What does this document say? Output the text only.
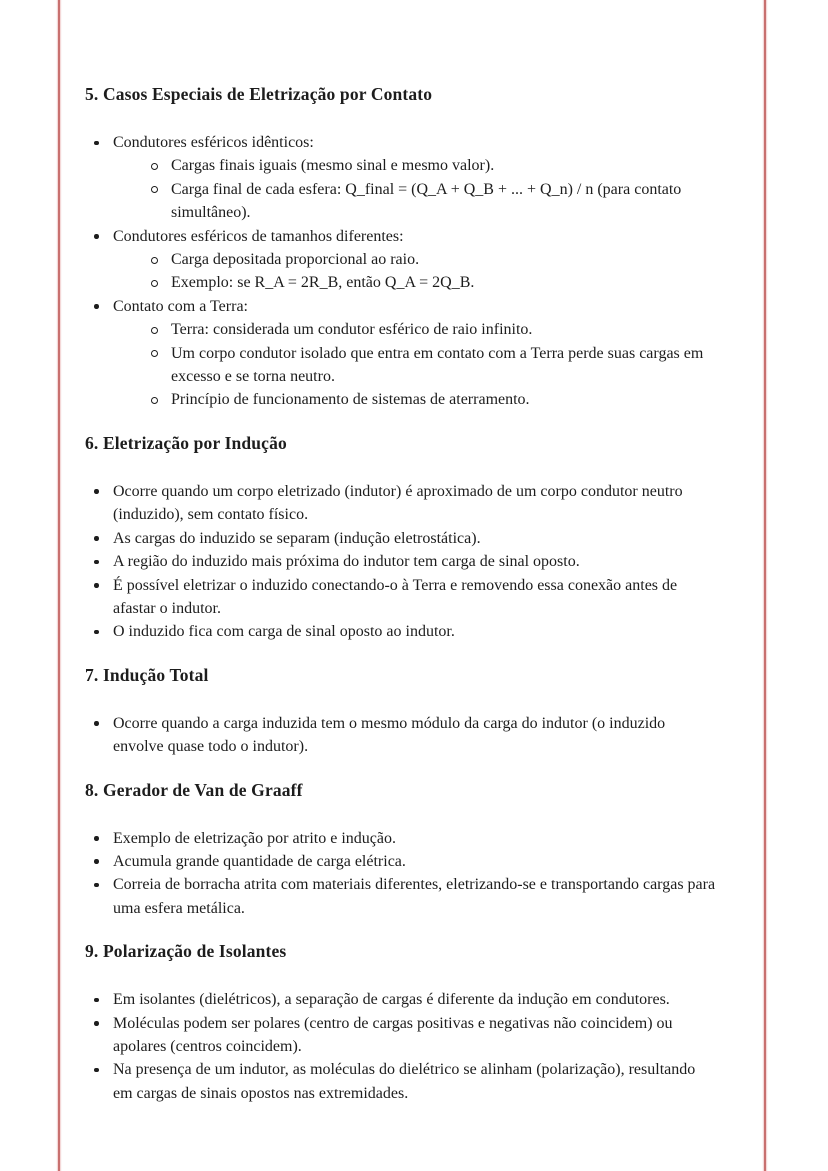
5. Casos Especiais de Eletrização por Contato
Condutores esféricos idênticos:
Cargas finais iguais (mesmo sinal e mesmo valor).
Carga final de cada esfera: Q_final = (Q_A + Q_B + ... + Q_n) / n (para contato simultâneo).
Condutores esféricos de tamanhos diferentes:
Carga depositada proporcional ao raio.
Exemplo: se R_A = 2R_B, então Q_A = 2Q_B.
Contato com a Terra:
Terra: considerada um condutor esférico de raio infinito.
Um corpo condutor isolado que entra em contato com a Terra perde suas cargas em excesso e se torna neutro.
Princípio de funcionamento de sistemas de aterramento.
6. Eletrização por Indução
Ocorre quando um corpo eletrizado (indutor) é aproximado de um corpo condutor neutro (induzido), sem contato físico.
As cargas do induzido se separam (indução eletrostática).
A região do induzido mais próxima do indutor tem carga de sinal oposto.
É possível eletrizar o induzido conectando-o à Terra e removendo essa conexão antes de afastar o indutor.
O induzido fica com carga de sinal oposto ao indutor.
7. Indução Total
Ocorre quando a carga induzida tem o mesmo módulo da carga do indutor (o induzido envolve quase todo o indutor).
8. Gerador de Van de Graaff
Exemplo de eletrização por atrito e indução.
Acumula grande quantidade de carga elétrica.
Correia de borracha atrita com materiais diferentes, eletrizando-se e transportando cargas para uma esfera metálica.
9. Polarização de Isolantes
Em isolantes (dielétricos), a separação de cargas é diferente da indução em condutores.
Moléculas podem ser polares (centro de cargas positivas e negativas não coincidem) ou apolares (centros coincidem).
Na presença de um indutor, as moléculas do dielétrico se alinham (polarização), resultando em cargas de sinais opostos nas extremidades.
